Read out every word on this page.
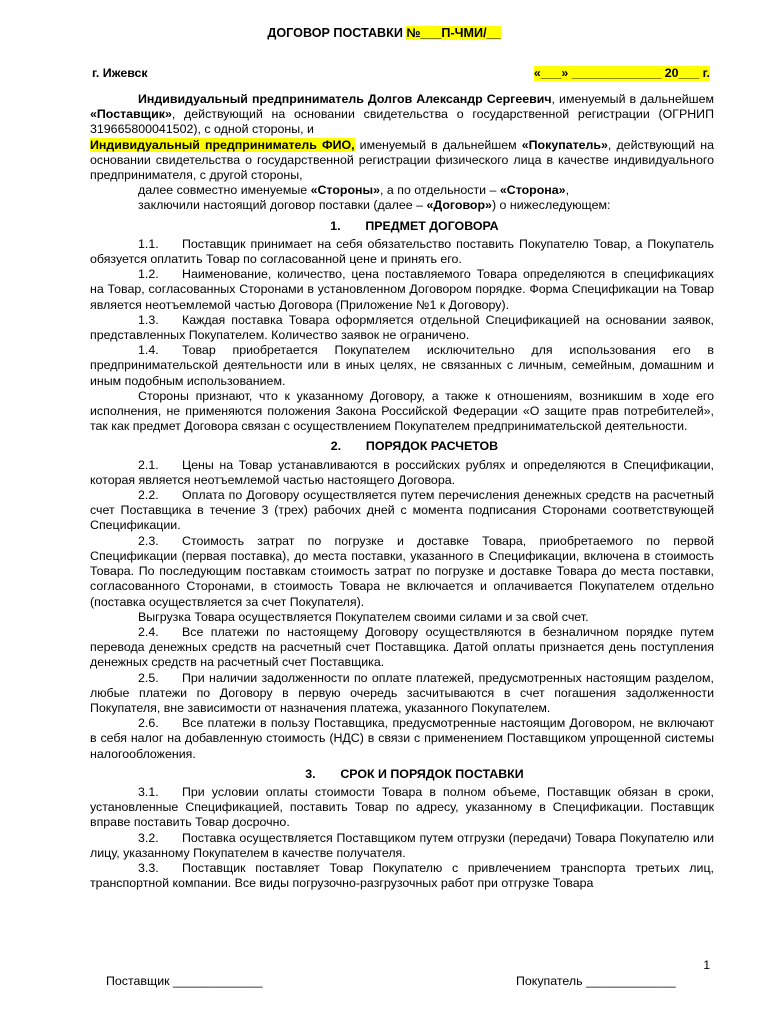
ДОГОВОР ПОСТАВКИ №___П-ЧМИ/__
г. Ижевск	«___» _____________ 20___ г.

Индивидуальный предприниматель Долгов Александр Сергеевич, именуемый в дальнейшем «Поставщик», действующий на основании свидетельства о государственной регистрации (ОГРНИП 319665800041502), с одной стороны, и

Индивидуальный предприниматель ФИО, именуемый в дальнейшем «Покупатель», действующий на основании свидетельства о государственной регистрации физического лица в качестве индивидуального предпринимателя, с другой стороны,

далее совместно именуемые «Стороны», а по отдельности – «Сторона»,

заключили настоящий договор поставки (далее – «Договор») о нижеследующем:

1. ПРЕДМЕТ ДОГОВОРА

1.1. Поставщик принимает на себя обязательство поставить Покупателю Товар, а Покупатель обязуется оплатить Товар по согласованной цене и принять его.

1.2. Наименование, количество, цена поставляемого Товара определяются в спецификациях на Товар, согласованных Сторонами в установленном Договором порядке. Форма Спецификации на Товар является неотъемлемой частью Договора (Приложение №1 к Договору).

1.3. Каждая поставка Товара оформляется отдельной Спецификацией на основании заявок, представленных Покупателем. Количество заявок не ограничено.

1.4. Товар приобретается Покупателем исключительно для использования его в предпринимательской деятельности или в иных целях, не связанных с личным, семейным, домашним и иным подобным использованием.

Стороны признают, что к указанному Договору, а также к отношениям, возникшим в ходе его исполнения, не применяются положения Закона Российской Федерации «О защите прав потребителей», так как предмет Договора связан с осуществлением Покупателем предпринимательской деятельности.

2. ПОРЯДОК РАСЧЕТОВ

2.1. Цены на Товар устанавливаются в российских рублях и определяются в Спецификации, которая является неотъемлемой частью настоящего Договора.

2.2. Оплата по Договору осуществляется путем перечисления денежных средств на расчетный счет Поставщика в течение 3 (трех) рабочих дней с момента подписания Сторонами соответствующей Спецификации.

2.3. Стоимость затрат по погрузке и доставке Товара, приобретаемого по первой Спецификации (первая поставка), до места поставки, указанного в Спецификации, включена в стоимость Товара. По последующим поставкам стоимость затрат по погрузке и доставке Товара до места поставки, согласованного Сторонами, в стоимость Товара не включается и оплачивается Покупателем отдельно (поставка осуществляется за счет Покупателя).

Выгрузка Товара осуществляется Покупателем своими силами и за свой счет.

2.4. Все платежи по настоящему Договору осуществляются в безналичном порядке путем перевода денежных средств на расчетный счет Поставщика. Датой оплаты признается день поступления денежных средств на расчетный счет Поставщика.

2.5. При наличии задолженности по оплате платежей, предусмотренных настоящим разделом, любые платежи по Договору в первую очередь засчитываются в счет погашения задолженности Покупателя, вне зависимости от назначения платежа, указанного Покупателем.

2.6. Все платежи в пользу Поставщика, предусмотренные настоящим Договором, не включают в себя налог на добавленную стоимость (НДС) в связи с применением Поставщиком упрощенной системы налогообложения.

3. СРОК И ПОРЯДОК ПОСТАВКИ

3.1. При условии оплаты стоимости Товара в полном объеме, Поставщик обязан в сроки, установленные Спецификацией, поставить Товар по адресу, указанному в Спецификации. Поставщик вправе поставить Товар досрочно.

3.2. Поставка осуществляется Поставщиком путем отгрузки (передачи) Товара Покупателю или лицу, указанному Покупателем в качестве получателя.

3.3. Поставщик поставляет Товар Покупателю с привлечением транспорта третьих лиц, транспортной компании. Все виды погрузочно-разгрузочных работ при отгрузке Товара

1
Поставщик _____________	Покупатель _____________
